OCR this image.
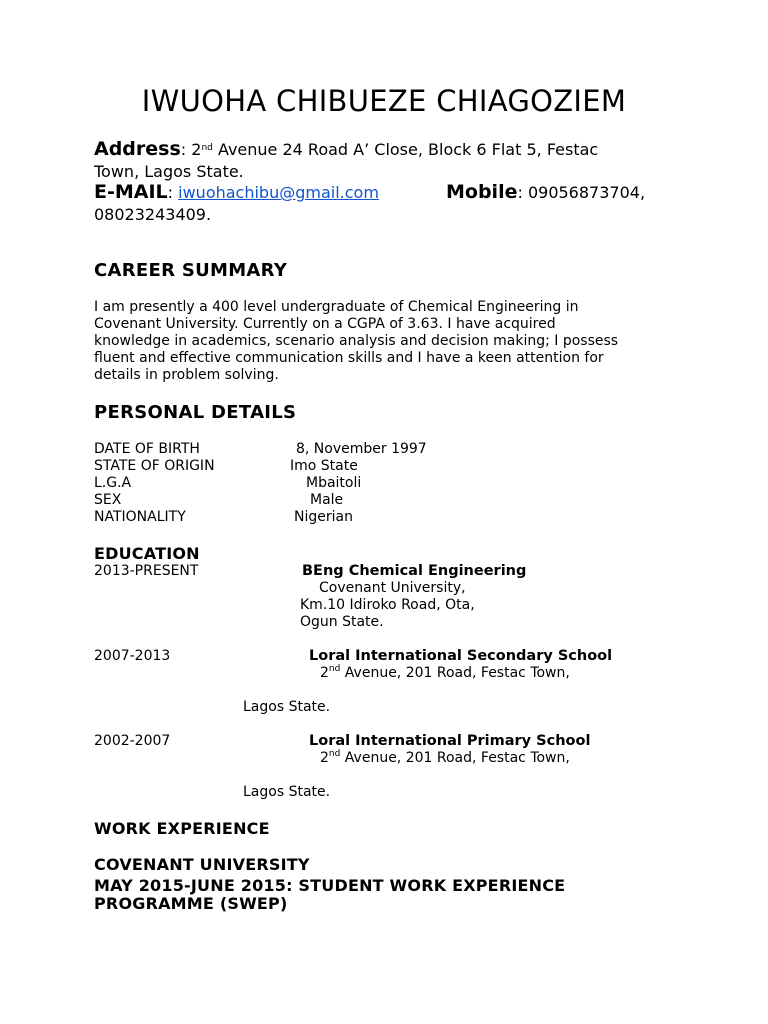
IWUOHA CHIBUEZE CHIAGOZIEM
Address: 2nd Avenue 24 Road A’ Close, Block 6 Flat 5, Festac
Town, Lagos State.
E-MAIL: iwuohachibu@gmail.com	Mobile: 09056873704,
08023243409.
CAREER SUMMARY
I am presently a 400 level undergraduate of Chemical Engineering in
Covenant University. Currently on a CGPA of 3.63. I have acquired
knowledge in academics, scenario analysis and decision making; I possess
fluent and effective communication skills and I have a keen attention for
details in problem solving.
PERSONAL DETAILS
DATE OF BIRTH	8, November 1997
STATE OF ORIGIN	Imo State
L.G.A	Mbaitoli
SEX	Male
NATIONALITY	Nigerian
EDUCATION
2013-PRESENT	BEng Chemical Engineering
Covenant University,
Km.10 Idiroko Road, Ota,
Ogun State.
2007-2013	Loral International Secondary School
2nd Avenue, 201 Road, Festac Town,
Lagos State.
2002-2007	Loral International Primary School
2nd Avenue, 201 Road, Festac Town,
Lagos State.
WORK EXPERIENCE
COVENANT UNIVERSITY
MAY 2015-JUNE 2015: STUDENT WORK EXPERIENCE
PROGRAMME (SWEP)
